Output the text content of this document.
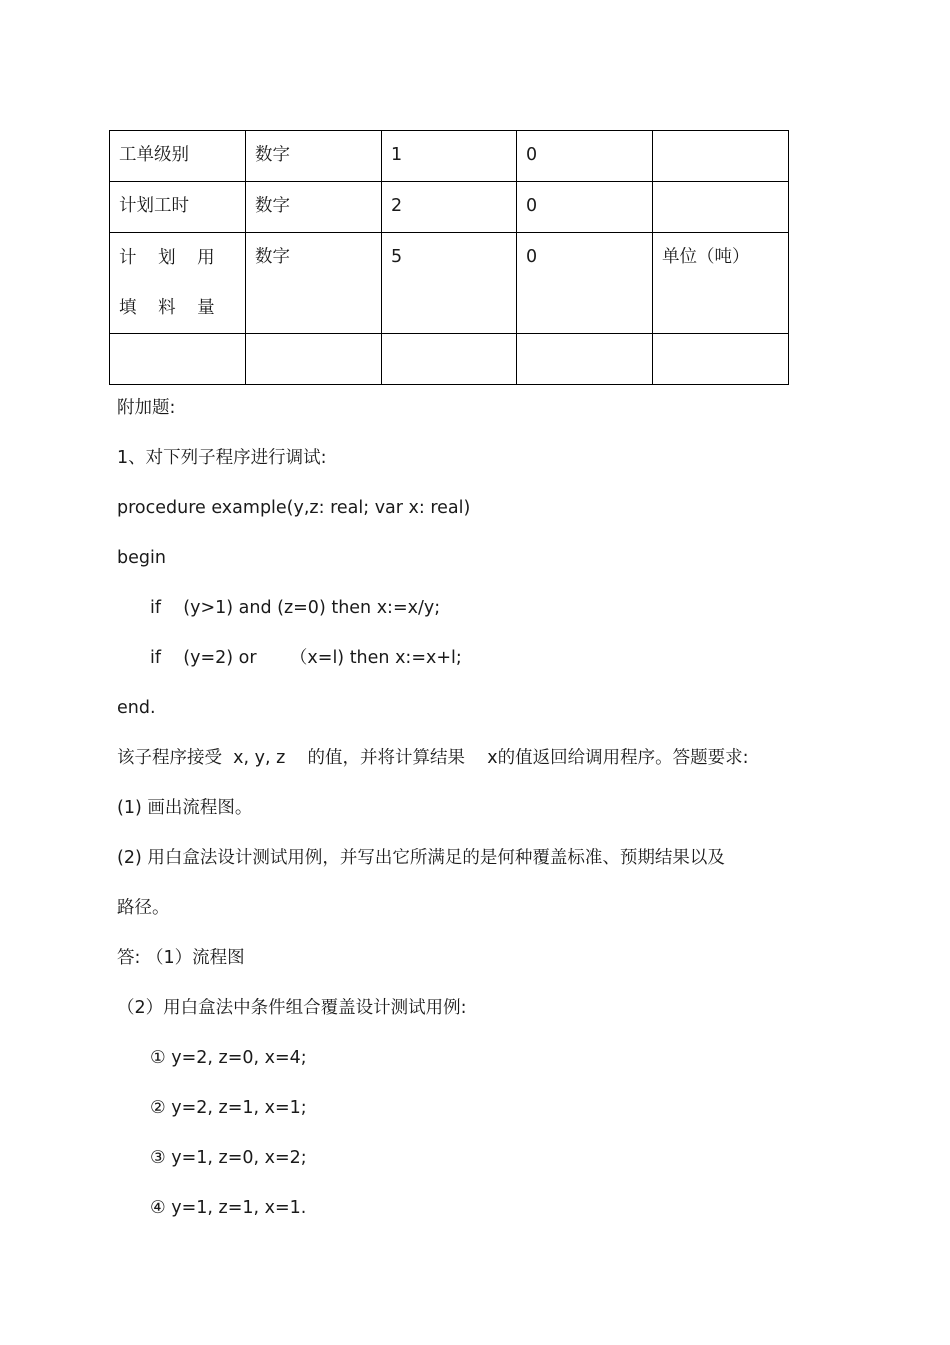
工单级别	数字	1	0	
计划工时	数字	2	0	
计 划 用 填 料 量	数字	5	0	单位（吨）

附加题:
1、对下列子程序进行调试:
procedure example(y,z: real; var x: real)
begin
if    (y>1) and (z=0) then x:=x/y;
if    (y=2) or      （x=l) then x:=x+l;
end.
该子程序接受  x, y, z    的值，并将计算结果    x的值返回给调用程序。答题要求:
(1) 画出流程图。
(2) 用白盒法设计测试用例，并写出它所满足的是何种覆盖标准、预期结果以及
路径。
答: （1）流程图
（2）用白盒法中条件组合覆盖设计测试用例:
① y=2, z=0, x=4;
② y=2, z=1, x=1;
③ y=1, z=0, x=2;
④ y=1, z=1, x=1.
